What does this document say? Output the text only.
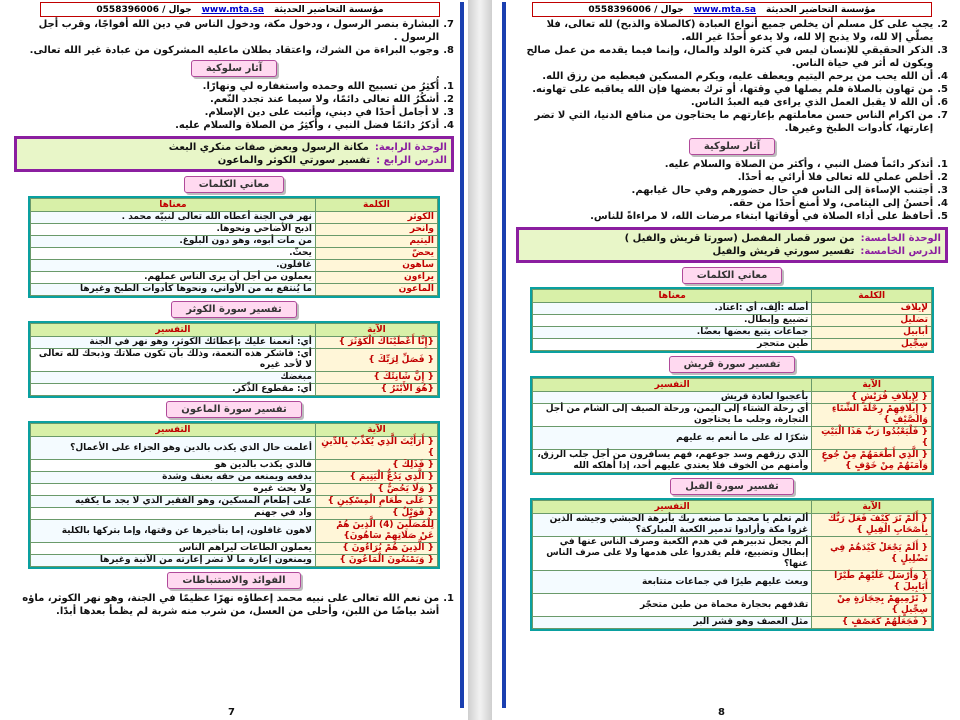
مؤسسة التحاضير الحديثة
www.mta.sa
جوال / 0558396006
7.
البشارة بنصر الرسول ، ودخول مكة، ودخول الناس في دين الله أفواجًا، وقرب أجل الرسول .
8.
وجوب البراءة من الشرك، واعتقاد بطلان ماعليه المشركون من عبادة غير الله تعالى.
آثار سلوكية
1.
أُكثِرُ من تسبيح الله وحمده واستغفاره لي ونهارًا.
2.
أشكُرُ الله تعالى دائمًا، ولا سيما عند تجدد النّعم.
3.
لا أجامل أحدًا في ديني، وأثبت على دين الإسلام.
4.
أذكرُ دائمًا فضل النبي ، وأُكثِرُ من الصلاة والسلام عليه.
الوحدة الرابعة:
مكانة الرسول وبعض صفات منكري البعث
الدرس الرابع :
تفسير سورتي الكوثر والماعون
معاني الكلمات
الكلمة	معناها
الكوثر	نهر في الجنة أعطاه الله تعالى لنبيّه محمد .
وانحر	اذبح الأضاحي ونحوها.
اليتيم	من مات أبوه، وهو دون البلوغ.
يحضّ	يحثّ.
ساهون	غافلون.
يراءون	يعملون من أجل أن يرى الناس عملهم.
الماعون	ما يُنتفع به من الأواني، ونحوها كأدوات الطبخ وغيرها
تفسير سورة الكوثر
الآية	التفسير
{إِنَّا أَعْطَيْنَاكَ الْكَوْثَرَ }	أي: أنعمنا عليك بإعطائك الكوثر، وهو نهر في الجنة
{ فَصَلِّ لِرَبِّكَ }	أي: فاشكر هذه النعمة، وذلك بأن تكون صلاتك وذبحك لله تعالى لا لأحد غيره
{ إِنَّ شَانِئَكَ }	مبغضك
{هُوَ الأَبْتَرُ }	أي: مقطوع الذِّكر.
تفسير سورة الماعون
الآية	التفسير
{ أَرَأَيْتَ الَّذِي يُكَذِّبُ بِالدِّينِ }	أعلمت حال الذي يكذب بالدين وهو الجزاء على الأعمال؟
{ فَذَلِكَ }	فالذي يكذب بالدين هو
{ الَّذِي يَدُعُّ الْيَتِيمَ }	يدفعه ويمنعه من حقه بعنف وشدة
{ وَلَا يَحُضُّ }	ولا يحث غيره
{ عَلَى طَعَامِ الْمِسْكِينِ }	على إطعام المسكين، وهو الفقير الذي لا يجد ما يكفيه
{ فَوَيْلٌ }	واد في جهنم
لِلْمُصَلِّينَ (4) الَّذِينَ هُمْ عَنْ صَلَاتِهِمْ سَاهُونَ}	لاهون غافلون، إما بتأخيرها عن وقتها، وإما بتركها بالكلية
{ الَّذِينَ هُمْ يُرَاءُونَ }	يعملون الطاعات ليراهم الناس
{ وَيَمْنَعُونَ الْمَاعُونَ }	ويمنعون إعارة ما لا تضر إعارته من الآنية وغيرها
الفوائد والاستنباطات
1.
من نعم الله تعالى على نبيه محمد إعطاؤه نهرًا عظيمًا في الجنة، وهو نهر الكوثر، ماؤه أشد بياضًا من اللبن، وأحلى من العسل، من شرب منه شربة لم يظمأ بعدها أبدًا.
7
مؤسسة التحاضير الحديثة
www.mta.sa
جوال / 0558396006
2.
يجب على كل مسلم أن يخلص جميع أنواع العبادة (كالصلاة والذبح) لله تعالى، فلا يصلّي إلا لله، ولا يذبح إلا لله، ولا يدعو أحدًا غير الله.
3.
الذكر الحقيقي للإنسان ليس في كثرة الولد والمال، وإنما فيما يقدمه من عمل صالح ويكون له أثر في حياة الناس.
4.
أن الله يحب من يرحم اليتيم ويعطف عليه، ويكرم المسكين فيعطيه من رزق الله.
5.
من تهاون بالصلاة فلم يصلها في وقتها، أو ترك بعضها فإن الله يعاقبه على تهاونه.
6.
أن الله لا يقبل العمل الذي يراءى فيه العبدُ الناس.
7.
من اكرام الناس حسن معاملتهم بإعارتهم ما يحتاجون من منافع الدنيا، التي لا تضر إعارتها، كأدوات الطبخ وغيرها.
آثار سلوكية
1.
أتذكر دائماً فضل النبي ، وأكثر من الصلاة والسلام عليه.
2.
أخلص عملي لله تعالى فلا أرائي به أحدًا.
3.
أجتنب الإساءة إلى الناس في حال حضورهم وفي حال غيابهم.
4.
أحسنُ إلى اليتامى، ولا أمنع أحدًا من حقه.
5.
أحافظ على أداء الصلاة في أوقاتها ابتغاء مرضات الله، لا مراءاةً للناس.
الوحدة الخامسة:
من سور قصار المفصل (سورتا قريش والفيل )
الدرس الخامسة:
تفسير سورتي قريش والفيل
معاني الكلمات
الكلمة	معناها
لإيلاف	أصله :ألِف، أي :اعتاد.
تضليل	تضييع وإبطال.
أبابيل	جماعات يتبع بعضها بعضًا.
سِجِّيل	طين متحجر
تفسير سورة قريش
الآية	التفسير
{ لِإِيلَافِ قُرَيْشٍ }	بأعجبوا لعادة قريش
{ إِيلَافِهِمْ رِحْلَةَ الشِّتَاءِ وَالصَّيْفِ }	أي رحلة الشتاء إلى اليمن، ورحلة الصيف إلى الشام من أجل التجارة، وجلب ما يحتاجون
{ فَلْيَعْبُدُوا رَبَّ هَذَا الْبَيْتِ }	شكرًا له على ما أنعم به عليهم
{ الَّذِي أَطْعَمَهُمْ مِنْ جُوعٍ وَآمَنَهُمْ مِنْ خَوْفٍ }	الذي رزقهم وسد جوعهم، فهم يسافرون من أجل جلب الرزق، وأمنهم من الخوف فلا يعتدي عليهم أحد، إذا أهلكه الله
تفسير سورة الفيل
الآية	التفسير
{ أَلَمْ تَرَ كَيْفَ فَعَلَ رَبُّكَ بِأَصْحَابِ الْفِيلِ }	ألم تعلم يا محمد ما صنعه ربك بأبرهة الحبشي وجيشه الذين غزوا مكة وأرادوا تدمير الكعبة المباركة؟
{ أَلَمْ يَجْعَلْ كَيْدَهُمْ فِي تَضْلِيلٍ }	ألم يجعل تدبيرهم في هدم الكعبة وصرف الناس عنها في إبطال وتضييع، فلم يقدروا على هدمها ولا على صرف الناس عنها؟
{ وَأَرْسَلَ عَلَيْهِمْ طَيْرًا أَبَابِيلَ }	وبعث عليهم طيرًا في جماعات متتابعة
{ تَرْمِيهِمْ بِحِجَارَةٍ مِنْ سِجِّيلٍ }	تقذفهم بحجارة محماة من طين متحجّر
{ فَجَعَلَهُمْ كَعَصْفٍ }	مثل العصف وهو قشر البر
8
